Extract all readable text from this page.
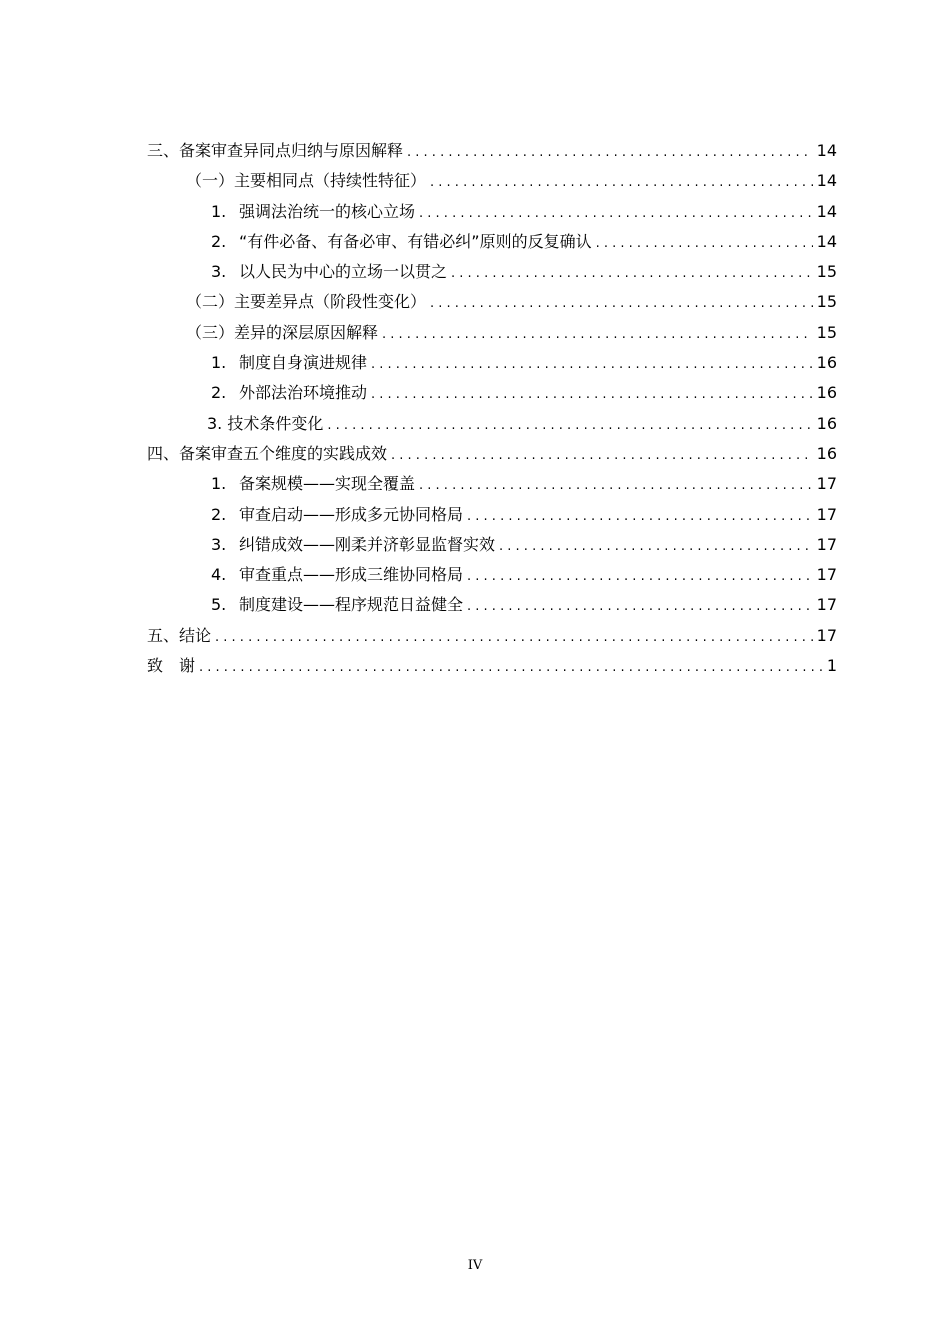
三、备案审查异同点归纳与原因解释 . . .	14
（一）主要相同点（持续性特征） . . .	14
1. 强调法治统一的核心立场 . . .	14
2. “有件必备、有备必审、有错必纠”原则的反复确认 . . .	14
3. 以人民为中心的立场一以贯之 . . .	15
（二）主要差异点（阶段性变化） . . .	15
（三）差异的深层原因解释 . . .	15
1. 制度自身演进规律 . . .	16
2. 外部法治环境推动 . . .	16
3. 技术条件变化 . . .	16
四、备案审查五个维度的实践成效 . . .	16
1. 备案规模——实现全覆盖 . . .	17
2. 审查启动——形成多元协同格局 . . .	17
3. 纠错成效——刚柔并济彰显监督实效 . . .	17
4. 审查重点——形成三维协同格局 . . .	17
5. 制度建设——程序规范日益健全 . . .	17
五、结论 . . .	17
致　谢 . . .	1
IV
